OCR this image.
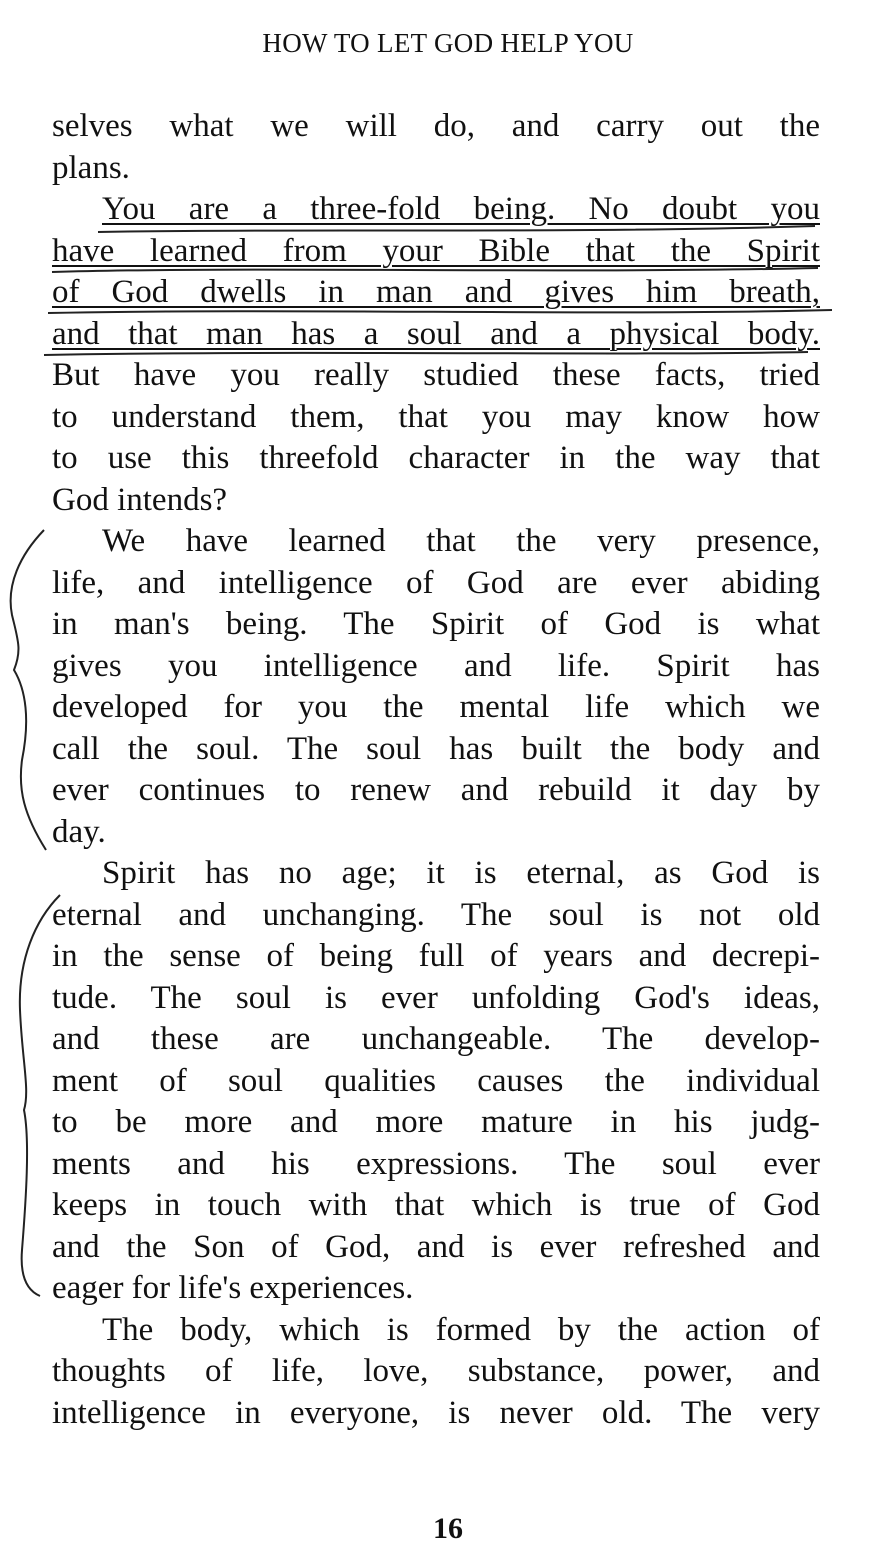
HOW TO LET GOD HELP YOU
selves what we will do, and carry out the
plans.
You are a three-fold being. No doubt you
have learned from your Bible that the Spirit
of God dwells in man and gives him breath,
and that man has a soul and a physical body.
But have you really studied these facts, tried
to understand them, that you may know how
to use this threefold character in the way that
God intends?
We have learned that the very presence,
life, and intelligence of God are ever abiding
in man's being. The Spirit of God is what
gives you intelligence and life. Spirit has
developed for you the mental life which we
call the soul. The soul has built the body and
ever continues to renew and rebuild it day by
day.
Spirit has no age; it is eternal, as God is
eternal and unchanging. The soul is not old
in the sense of being full of years and decrepi-
tude. The soul is ever unfolding God's ideas,
and these are unchangeable. The develop-
ment of soul qualities causes the individual
to be more and more mature in his judg-
ments and his expressions. The soul ever
keeps in touch with that which is true of God
and the Son of God, and is ever refreshed and
eager for life's experiences.
The body, which is formed by the action of
thoughts of life, love, substance, power, and
intelligence in everyone, is never old. The very
16
